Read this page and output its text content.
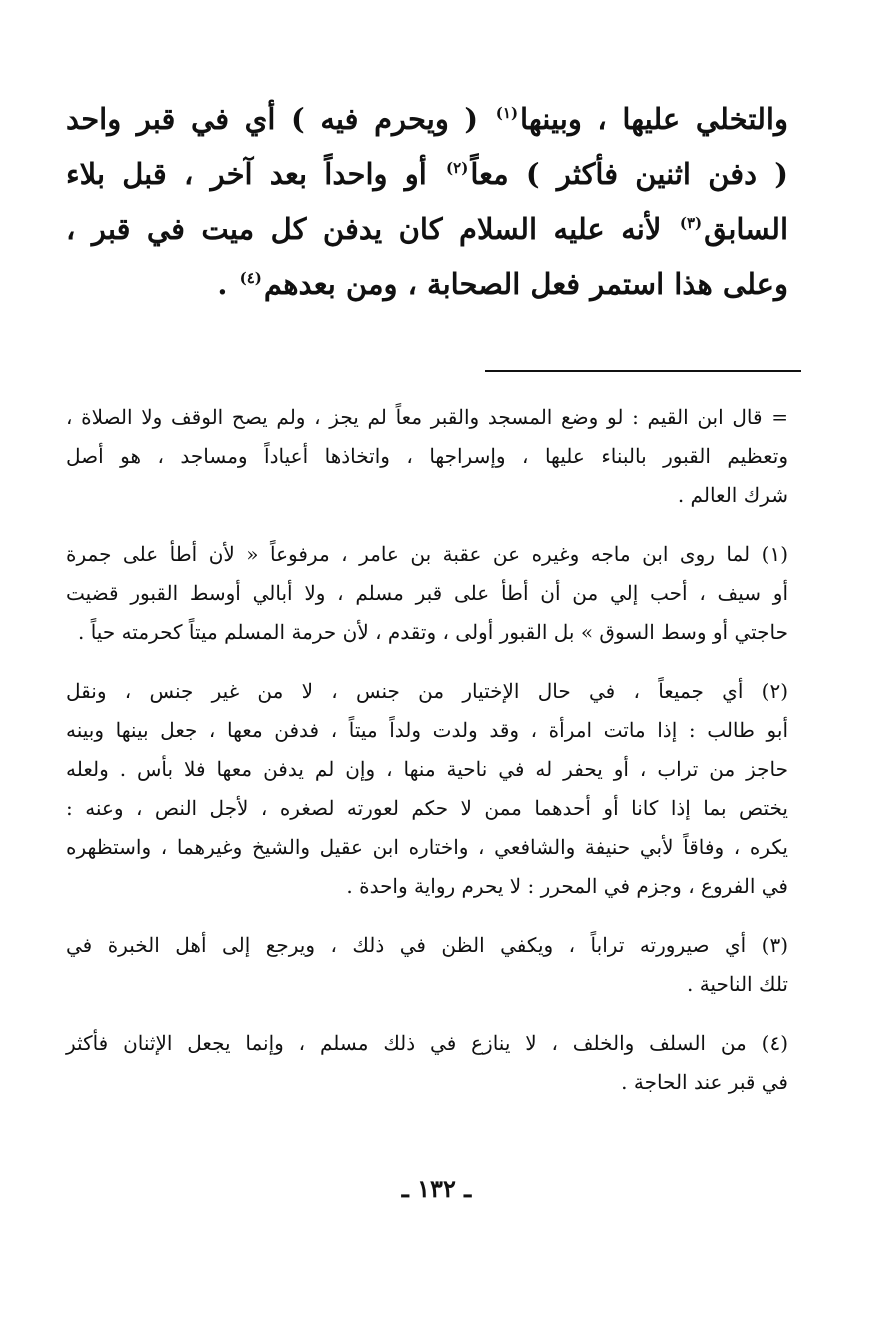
والتخلي عليها ، وبينها$^{(١)}$ ( ويحرم فيه ) أي في قبر واحد
( دفن اثنين فأكثر ) معاً$^{(٢)}$ أو واحداً بعد آخر ، قبل بلاء
السابق$^{(٣)}$ لأنه عليه السلام كان يدفن كل ميت في قبر ،
وعلى هذا استمر فعل الصحابة ، ومن بعدهم$^{(٤)}$ .
= قال ابن القيم : لو وضع المسجد والقبر معاً لم يجز ، ولم يصح الوقف ولا الصلاة ،
وتعظيم القبور بالبناء عليها ، وإسراجها ، واتخاذها أعياداً ومساجد ، هو أصل
شرك العالم .
(١) لما روى ابن ماجه وغيره عن عقبة بن عامر ، مرفوعاً « لأن أطأ على جمرة
أو سيف ، أحب إلي من أن أطأ على قبر مسلم ، ولا أبالي أوسط القبور قضيت
حاجتي أو وسط السوق » بل القبور أولى ، وتقدم ، لأن حرمة المسلم ميتاً كحرمته حياً .
(٢) أي جميعاً ، في حال الإختيار من جنس ، لا من غير جنس ، ونقل
أبو طالب : إذا ماتت امرأة ، وقد ولدت ولداً ميتاً ، فدفن معها ، جعل بينها وبينه
حاجز من تراب ، أو يحفر له في ناحية منها ، وإن لم يدفن معها فلا بأس . ولعله
يختص بما إذا كانا أو أحدهما ممن لا حكم لعورته لصغره ، لأجل النص ، وعنه :
يكره ، وفاقاً لأبي حنيفة والشافعي ، واختاره ابن عقيل والشيخ وغيرهما ، واستظهره
في الفروع ، وجزم في المحرر : لا يحرم رواية واحدة .
(٣) أي صيرورته تراباً ، ويكفي الظن في ذلك ، ويرجع إلى أهل الخبرة في
تلك الناحية .
(٤) من السلف والخلف ، لا ينازع في ذلك مسلم ، وإنما يجعل الإثنان فأكثر
في قبر عند الحاجة .
ـ ١٣٢ ـ
